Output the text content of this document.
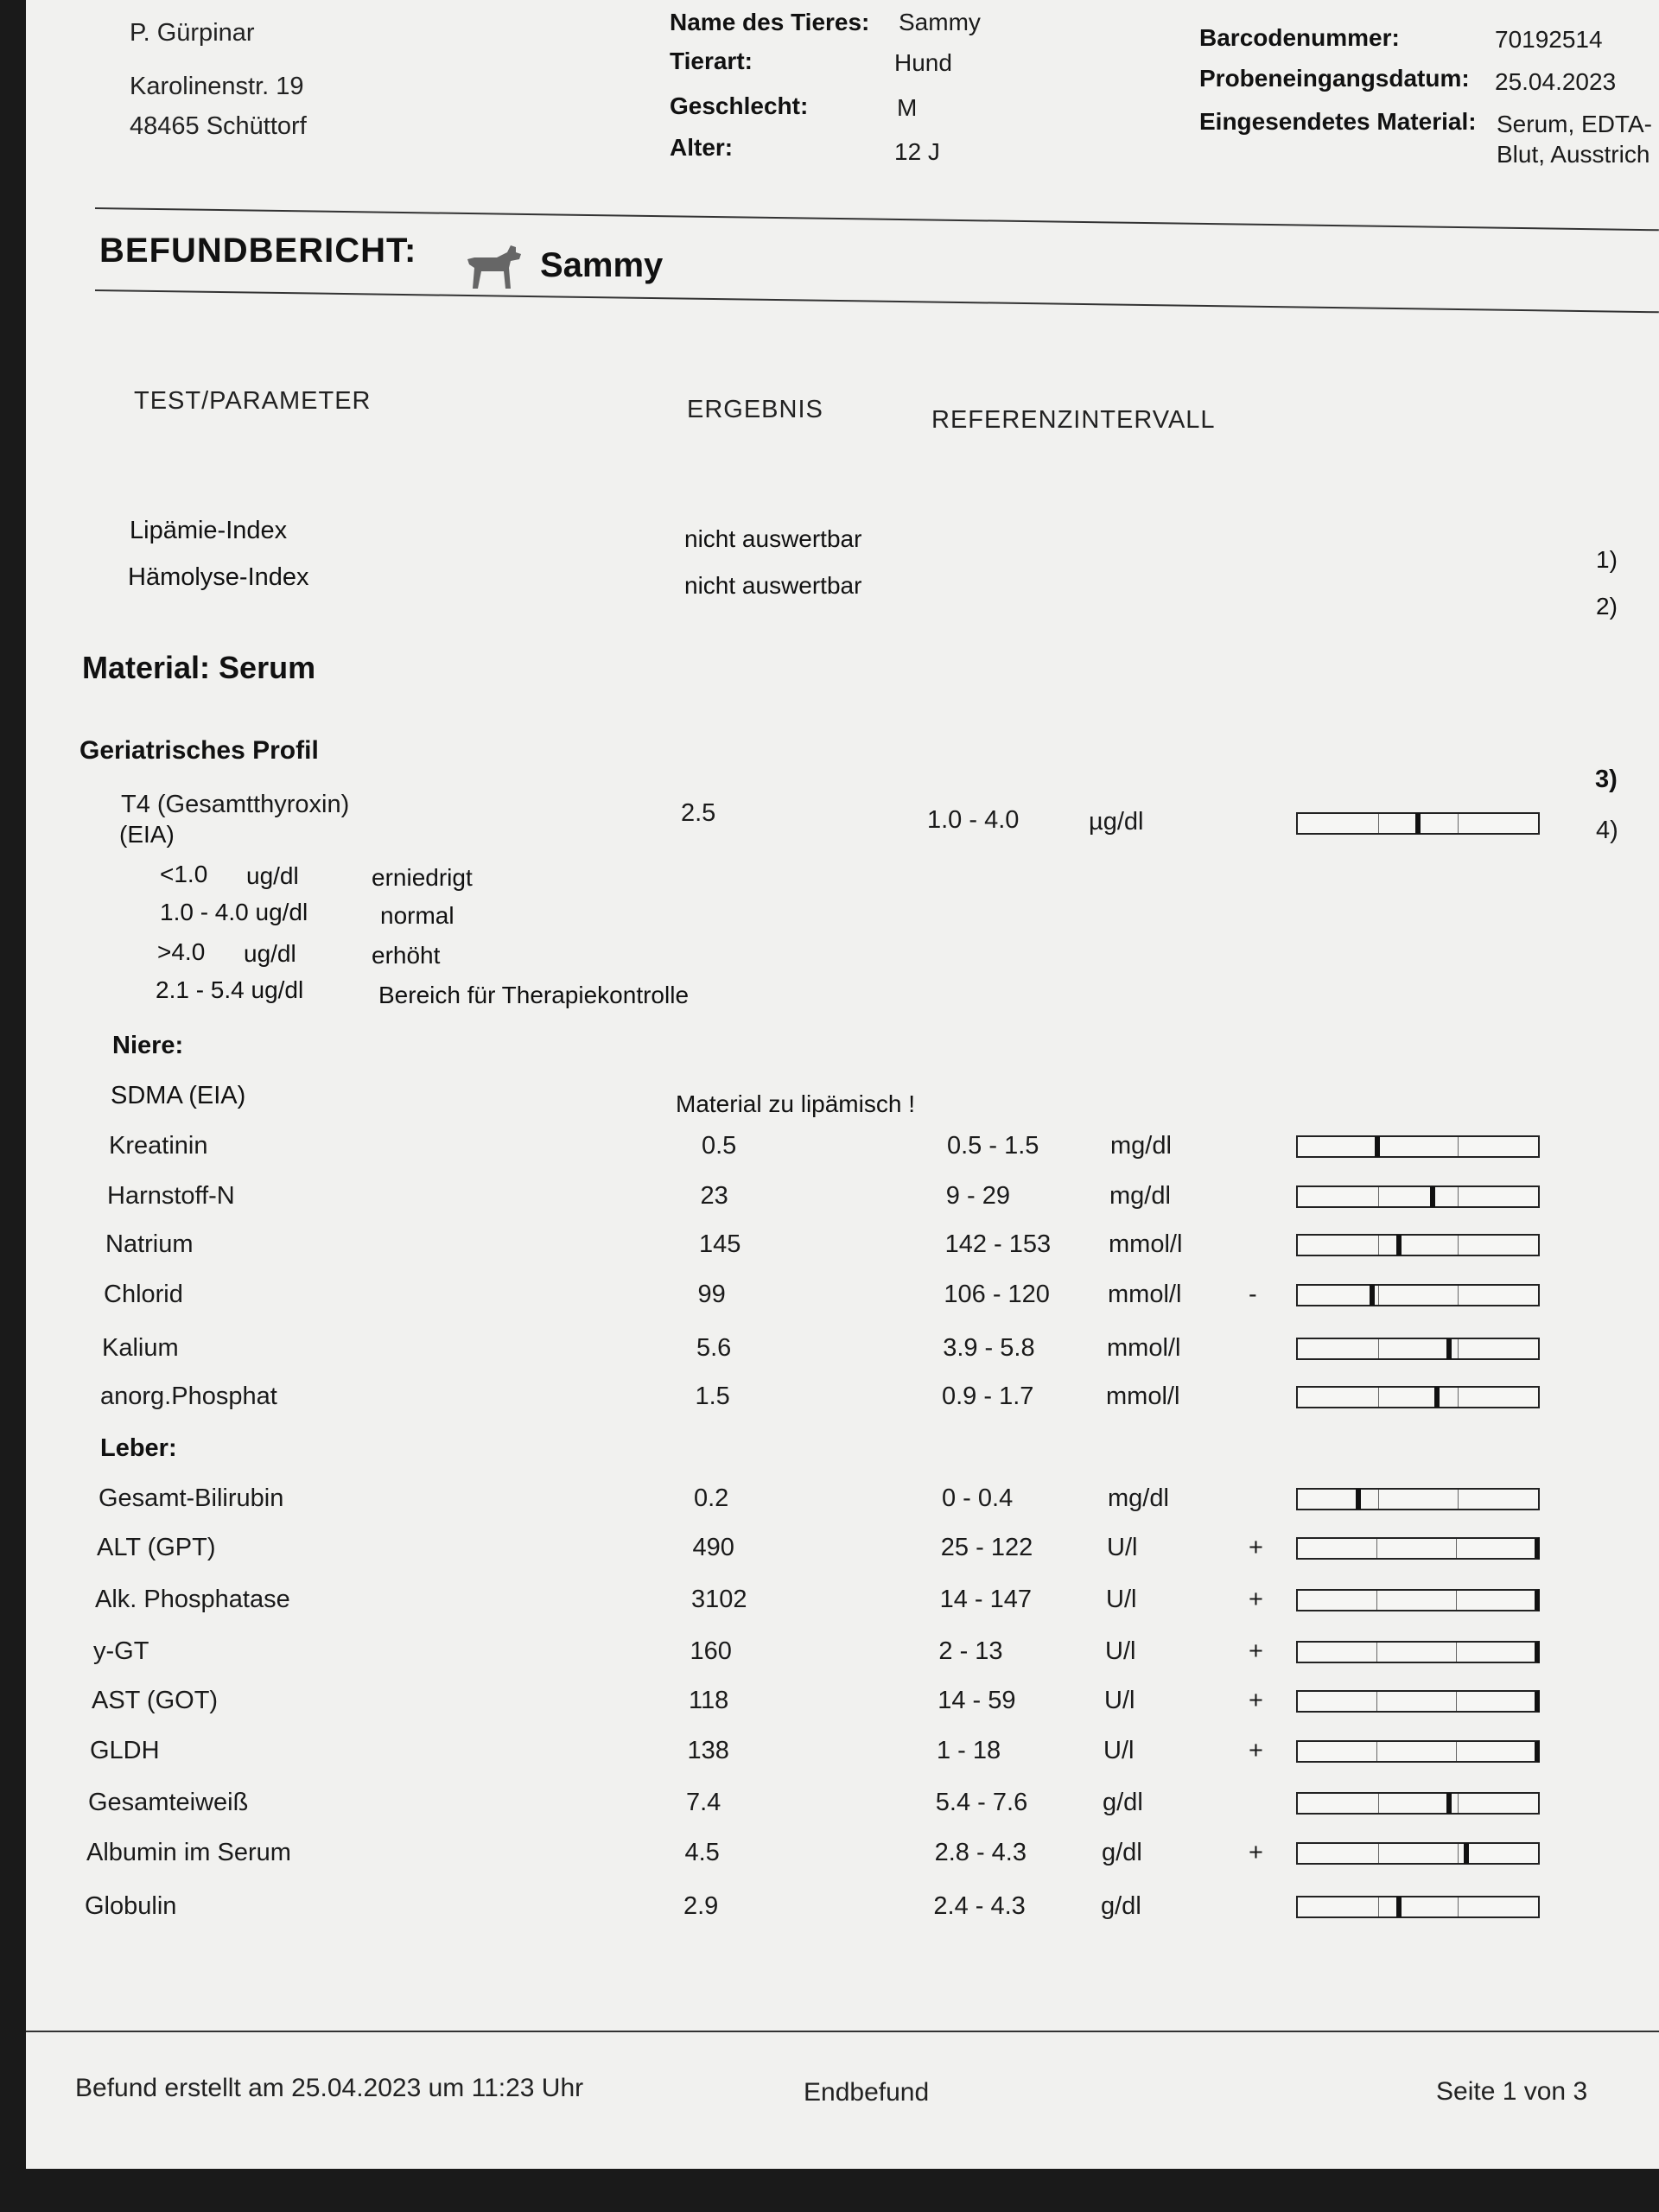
P. Gürpinar
Karolinenstr. 19
48465 Schüttorf
Name des Tieres: Sammy
Tierart:	Hund
Geschlecht:	M
Alter:	12 J
Barcodenummer:	70192514
Probeneingangsdatum: 25.04.2023
Eingesendetes Material: Serum, EDTA-
Blut, Ausstrich
BEFUNDBERICHT:	Sammy
TEST/PARAMETER	ERGEBNIS	REFERENZINTERVALL
Lipämie-Index	nicht auswertbar
1)
Hämolyse-Index	nicht auswertbar
2)
Material: Serum
Geriatrisches Profil
3)
T4 (Gesamtthyroxin)	2.5	1.0 - 4.0	µg/dl	4)
(EIA)
<1.0 ug/dl	erniedrigt
1.0 - 4.0 ug/dl	normal
>4.0 ug/dl	erhöht
2.1 - 5.4 ug/dl	Bereich für Therapiekontrolle
Niere:
SDMA (EIA)	Material zu lipämisch !
Kreatinin	0.5	0.5 - 1.5	mg/dl
Harnstoff-N	23	9 - 29	mg/dl
Natrium	145	142 - 153 mmol/l
Chlorid	99	106 - 120 mmol/l	-
Kalium	5.6	3.9 - 5.8	mmol/l
anorg.Phosphat	1.5	0.9 - 1.7	mmol/l
Leber:
Gesamt-Bilirubin	0.2	0 - 0.4	mg/dl
ALT (GPT)	490	25 - 122	U/l	+
Alk. Phosphatase	3102	14 - 147	U/l	+
y-GT	160	2 - 13	U/l	+
AST (GOT)	118	14 - 59	U/l	+
GLDH	138	1 - 18	U/l	+
Gesamteiweiß	7.4	5.4 - 7.6	g/dl
Albumin im Serum	4.5	2.8 - 4.3	g/dl	+
Globulin	2.9	2.4 - 4.3	g/dl
Befund erstellt am 25.04.2023 um 11:23 Uhr	Endbefund	Seite 1 von 3
